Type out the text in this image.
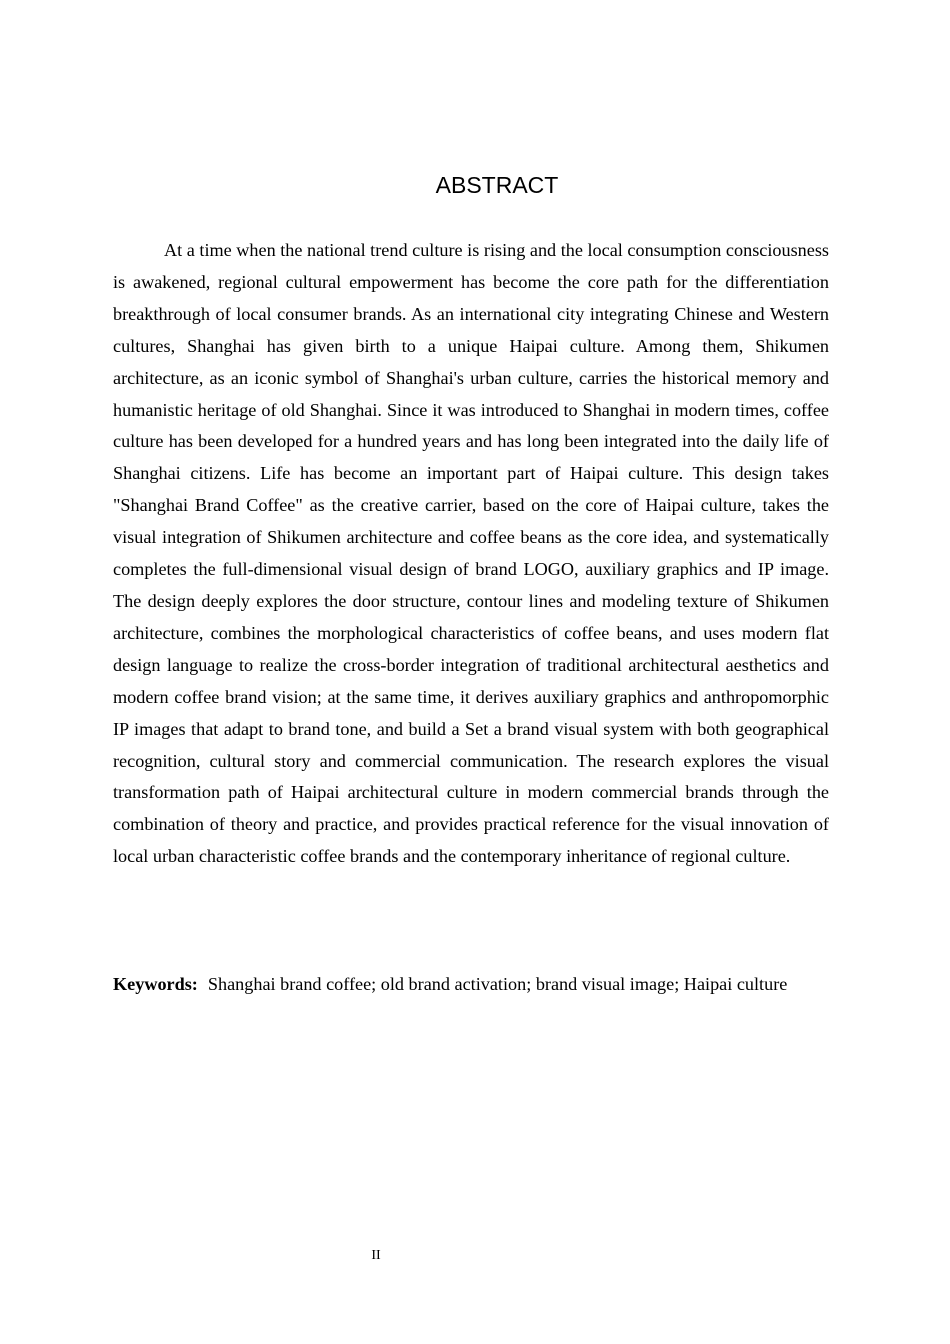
ABSTRACT

At a time when the national trend culture is rising and the local consumption consciousness is awakened, regional cultural empowerment has become the core path for the differentiation breakthrough of local consumer brands. As an international city integrating Chinese and Western cultures, Shanghai has given birth to a unique Haipai culture. Among them, Shikumen architecture, as an iconic symbol of Shanghai's urban culture, carries the historical memory and humanistic heritage of old Shanghai. Since it was introduced to Shanghai in modern times, coffee culture has been developed for a hundred years and has long been integrated into the daily life of Shanghai citizens. Life has become an important part of Haipai culture. This design takes "Shanghai Brand Coffee" as the creative carrier, based on the core of Haipai culture, takes the visual integration of Shikumen architecture and coffee beans as the core idea, and systematically completes the full-dimensional visual design of brand LOGO, auxiliary graphics and IP image. The design deeply explores the door structure, contour lines and modeling texture of Shikumen architecture, combines the morphological characteristics of coffee beans, and uses modern flat design language to realize the cross-border integration of traditional architectural aesthetics and modern coffee brand vision; at the same time, it derives auxiliary graphics and anthropomorphic IP images that adapt to brand tone, and build a Set a brand visual system with both geographical recognition, cultural story and commercial communication. The research explores the visual transformation path of Haipai architectural culture in modern commercial brands through the combination of theory and practice, and provides practical reference for the visual innovation of local urban characteristic coffee brands and the contemporary inheritance of regional culture.

Keywords: Shanghai brand coffee; old brand activation; brand visual image; Haipai culture

II
